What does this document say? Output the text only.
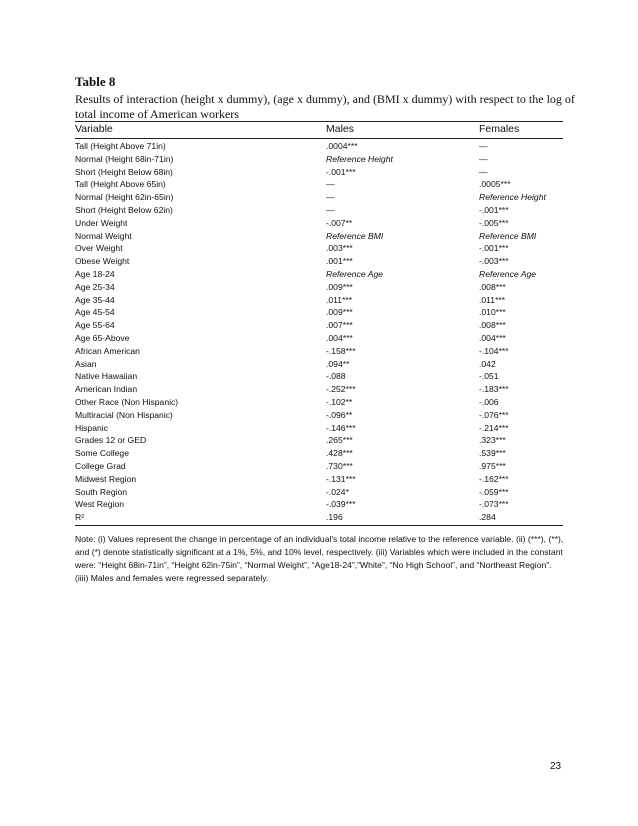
Table 8
Results of interaction (height x dummy), (age x dummy), and (BMI x dummy) with respect to the log of total income of American workers
Variable	Males	Females
Tall (Height Above 71in)	.0004***	—
Normal (Height 68in-71in)	Reference Height	—
Short (Height Below 68in)	-.001***	—
Tall (Height Above 65in)	—	.0005***
Normal (Height 62in-65in)	—	Reference Height
Short (Height Below 62in)	—	-.001***
Under Weight	-.007**	-.005***
Normal Weight	Reference BMI	Reference BMI
Over Weight	.003***	-.001***
Obese Weight	.001***	-.003***
Age 18-24	Reference Age	Reference Age
Age 25-34	.009***	.008***
Age 35-44	.011***	.011***
Age 45-54	.009***	.010***
Age 55-64	.007***	.008***
Age 65-Above	.004***	.004***
African American	-.158***	-.104***
Asian	.094**	.042
Native Hawaiian	-.088	-.051
American Indian	-.252***	-.183***
Other Race (Non Hispanic)	-.102**	-.006
Multiracial (Non Hispanic)	-.096**	-.076***
Hispanic	-.146***	-.214***
Grades 12 or GED	.265***	.323***
Some College	.428***	.539***
College Grad	.730***	.975***
Midwest Region	-.131***	-.162***
South Region	-.024*	-.059***
West Region	-.039***	-.073***
R²	.196	.284
Note: (i) Values represent the change in percentage of an individual's total income relative to the reference variable. (ii) (***), (**), and (*) denote statistically significant at a 1%, 5%, and 10% level, respectively. (iii) Variables which were included in the constant were: “Height 68in-71in”, “Height 62in-75in”, “Normal Weight”, “Age18-24”,”White”, “No High School”, and “Northeast Region”. (iiii) Males and females were regressed separately.
23
